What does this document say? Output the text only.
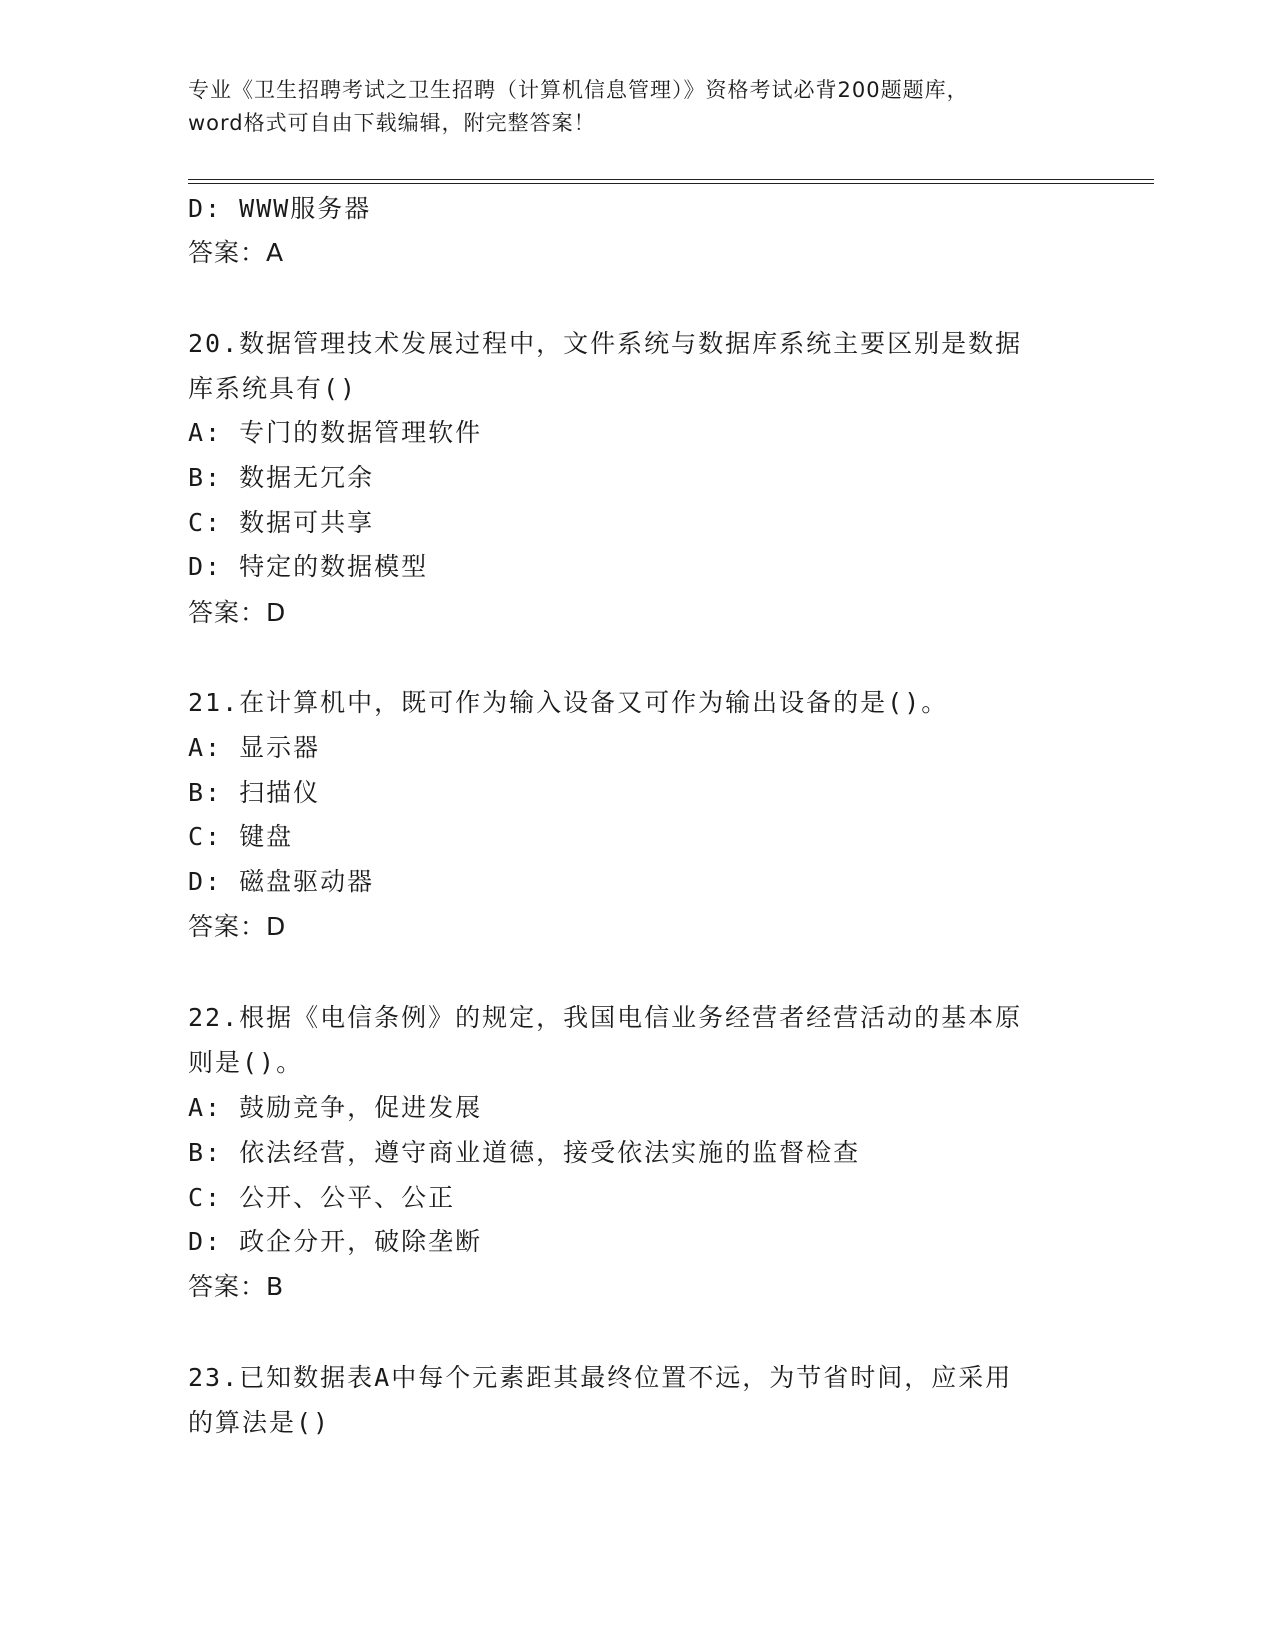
专业《卫生招聘考试之卫生招聘（计算机信息管理）》资格考试必背200题题库，
word格式可自由下载编辑，附完整答案！
D: WWW服务器
答案：A
20.数据管理技术发展过程中，文件系统与数据库系统主要区别是数据
库系统具有()
A: 专门的数据管理软件
B: 数据无冗余
C: 数据可共享
D: 特定的数据模型
答案：D
21.在计算机中，既可作为输入设备又可作为输出设备的是()。
A: 显示器
B: 扫描仪
C: 键盘
D: 磁盘驱动器
答案：D
22.根据《电信条例》的规定，我国电信业务经营者经营活动的基本原
则是()。
A: 鼓励竞争，促进发展
B: 依法经营，遵守商业道德，接受依法实施的监督检查
C: 公开、公平、公正
D: 政企分开，破除垄断
答案：B
23.已知数据表A中每个元素距其最终位置不远，为节省时间，应采用
的算法是()
